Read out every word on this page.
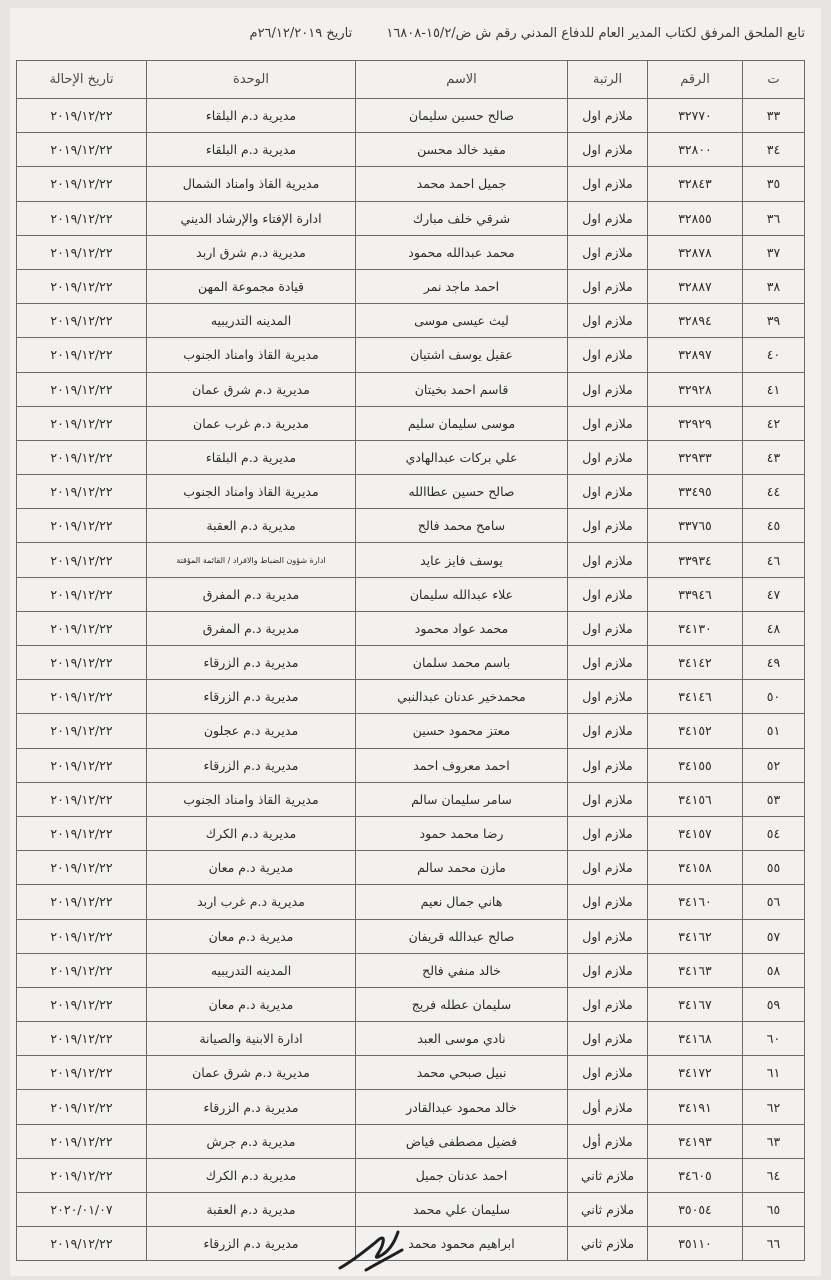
تابع الملحق المرفق لكتاب المدير العام للدفاع المدني رقم ش ض/١٥/٢-١٦٨٠٨ تاريخ ٢٦/١٢/٢٠١٩م
ت	الرقم	الرتبة	الاسم	الوحدة	تاريخ الإحالة
٣٣	٣٢٧٧٠	ملازم اول	صالح حسين سليمان	مديرية د.م البلقاء	٢٠١٩/١٢/٢٢
٣٤	٣٢٨٠٠	ملازم اول	مفيد خالد محسن	مديرية د.م البلقاء	٢٠١٩/١٢/٢٢
٣٥	٣٢٨٤٣	ملازم اول	جميل احمد محمد	مديرية القاذ وامناد الشمال	٢٠١٩/١٢/٢٢
٣٦	٣٢٨٥٥	ملازم اول	شرقي خلف مبارك	ادارة الإفتاء والإرشاد الديني	٢٠١٩/١٢/٢٢
٣٧	٣٢٨٧٨	ملازم اول	محمد عبدالله محمود	مديرية د.م شرق اربد	٢٠١٩/١٢/٢٢
٣٨	٣٢٨٨٧	ملازم اول	احمد ماجد نمر	قيادة مجموعة المهن	٢٠١٩/١٢/٢٢
٣٩	٣٢٨٩٤	ملازم اول	ليث عيسى موسى	المدينه التدريبيه	٢٠١٩/١٢/٢٢
٤٠	٣٢٨٩٧	ملازم اول	عقيل يوسف اشتيان	مديرية القاذ وامناد الجنوب	٢٠١٩/١٢/٢٢
٤١	٣٢٩٢٨	ملازم اول	قاسم احمد بخيتان	مديرية د.م شرق عمان	٢٠١٩/١٢/٢٢
٤٢	٣٢٩٢٩	ملازم اول	موسى سليمان سليم	مديرية د.م غرب عمان	٢٠١٩/١٢/٢٢
٤٣	٣٢٩٣٣	ملازم اول	علي بركات عبدالهادي	مديرية د.م البلقاء	٢٠١٩/١٢/٢٢
٤٤	٣٣٤٩٥	ملازم اول	صالح حسين عطاالله	مديرية القاذ وامناد الجنوب	٢٠١٩/١٢/٢٢
٤٥	٣٣٧٦٥	ملازم اول	سامح محمد فالح	مديرية د.م العقبة	٢٠١٩/١٢/٢٢
٤٦	٣٣٩٣٤	ملازم اول	يوسف فايز عايد	ادارة شؤون الضباط والافراد / القائمة المؤقتة	٢٠١٩/١٢/٢٢
٤٧	٣٣٩٤٦	ملازم اول	علاء عبدالله سليمان	مديرية د.م المفرق	٢٠١٩/١٢/٢٢
٤٨	٣٤١٣٠	ملازم اول	محمد عواد محمود	مديرية د.م المفرق	٢٠١٩/١٢/٢٢
٤٩	٣٤١٤٢	ملازم اول	باسم محمد سلمان	مديرية د.م الزرقاء	٢٠١٩/١٢/٢٢
٥٠	٣٤١٤٦	ملازم اول	محمدخير عدنان عبدالنبي	مديرية د.م الزرقاء	٢٠١٩/١٢/٢٢
٥١	٣٤١٥٢	ملازم اول	معتز محمود حسين	مديرية د.م عجلون	٢٠١٩/١٢/٢٢
٥٢	٣٤١٥٥	ملازم اول	احمد معروف احمد	مديرية د.م الزرقاء	٢٠١٩/١٢/٢٢
٥٣	٣٤١٥٦	ملازم اول	سامر سليمان سالم	مديرية القاذ وامناد الجنوب	٢٠١٩/١٢/٢٢
٥٤	٣٤١٥٧	ملازم اول	رضا محمد حمود	مديرية د.م الكرك	٢٠١٩/١٢/٢٢
٥٥	٣٤١٥٨	ملازم اول	مازن محمد سالم	مديرية د.م معان	٢٠١٩/١٢/٢٢
٥٦	٣٤١٦٠	ملازم اول	هاني جمال نعيم	مديرية د.م غرب اربد	٢٠١٩/١٢/٢٢
٥٧	٣٤١٦٢	ملازم اول	صالح عبدالله قريفان	مديرية د.م معان	٢٠١٩/١٢/٢٢
٥٨	٣٤١٦٣	ملازم اول	خالد منفي فالح	المدينه التدريبيه	٢٠١٩/١٢/٢٢
٥٩	٣٤١٦٧	ملازم اول	سليمان عطله فريج	مديرية د.م معان	٢٠١٩/١٢/٢٢
٦٠	٣٤١٦٨	ملازم اول	نادي موسى العبد	ادارة الابنية والصيانة	٢٠١٩/١٢/٢٢
٦١	٣٤١٧٢	ملازم اول	نبيل صبحي محمد	مديرية د.م شرق عمان	٢٠١٩/١٢/٢٢
٦٢	٣٤١٩١	ملازم أول	خالد محمود عبدالقادر	مديرية د.م الزرقاء	٢٠١٩/١٢/٢٢
٦٣	٣٤١٩٣	ملازم أول	فضيل مصطفى فياض	مديرية د.م جرش	٢٠١٩/١٢/٢٢
٦٤	٣٤٦٠٥	ملازم ثاني	احمد عدنان جميل	مديرية د.م الكرك	٢٠١٩/١٢/٢٢
٦٥	٣٥٠٥٤	ملازم ثاني	سليمان علي محمد	مديرية د.م العقبة	٢٠٢٠/٠١/٠٧
٦٦	٣٥١١٠	ملازم ثاني	ابراهيم محمود محمد	مديرية د.م الزرقاء	٢٠١٩/١٢/٢٢
